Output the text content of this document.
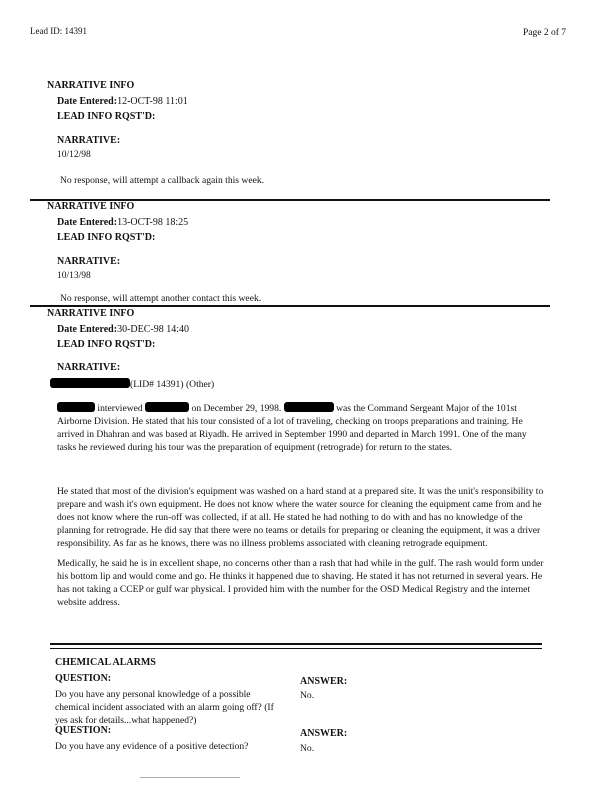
Lead ID: 14391	Page 2 of 7
NARRATIVE INFO
Date Entered:12-OCT-98 11:01
LEAD INFO RQST'D:
NARRATIVE:
10/12/98
No response, will attempt a callback again this week.
NARRATIVE INFO
Date Entered:13-OCT-98 18:25
LEAD INFO RQST'D:
NARRATIVE:
10/13/98
No response, will attempt another contact this week.
NARRATIVE INFO
Date Entered:30-DEC-98 14:40
LEAD INFO RQST'D:
NARRATIVE:
(LID# 14391) (Other)
interviewed	on December 29, 1998.	was the Command Sergeant Major of the 101st Airborne Division. He stated that his tour consisted of a lot of traveling, checking on troops preparations and training. He arrived in Dhahran and was based at Riyadh. He arrived in September 1990 and departed in March 1991. One of the many tasks he reviewed during his tour was the preparation of equipment (retrograde) for return to the states.
He stated that most of the division's equipment was washed on a hard stand at a prepared site. It was the unit's responsibility to prepare and wash it's own equipment. He does not know where the water source for cleaning the equipment came from and he does not know where the run-off was collected, if at all. He stated he had nothing to do with and has no knowledge of the planning for retrograde. He did say that there were no teams or details for preparing or cleaning the equipment, it was a driver responsibility. As far as he knows, there was no illness problems associated with cleaning retrograde equipment.
Medically, he said he is in excellent shape, no concerns other than a rash that had while in the gulf. The rash would form under his bottom lip and would come and go. He thinks it happened due to shaving. He stated it has not returned in several years. He has not taking a CCEP or gulf war physical. I provided him with the number for the OSD Medical Registry and the internet website address.
CHEMICAL ALARMS
QUESTION:	ANSWER:
Do you have any personal knowledge of a possible chemical incident associated with an alarm going off? (If yes ask for details...what happened?)
No.
QUESTION:	ANSWER:
Do you have any evidence of a positive detection?	No.
